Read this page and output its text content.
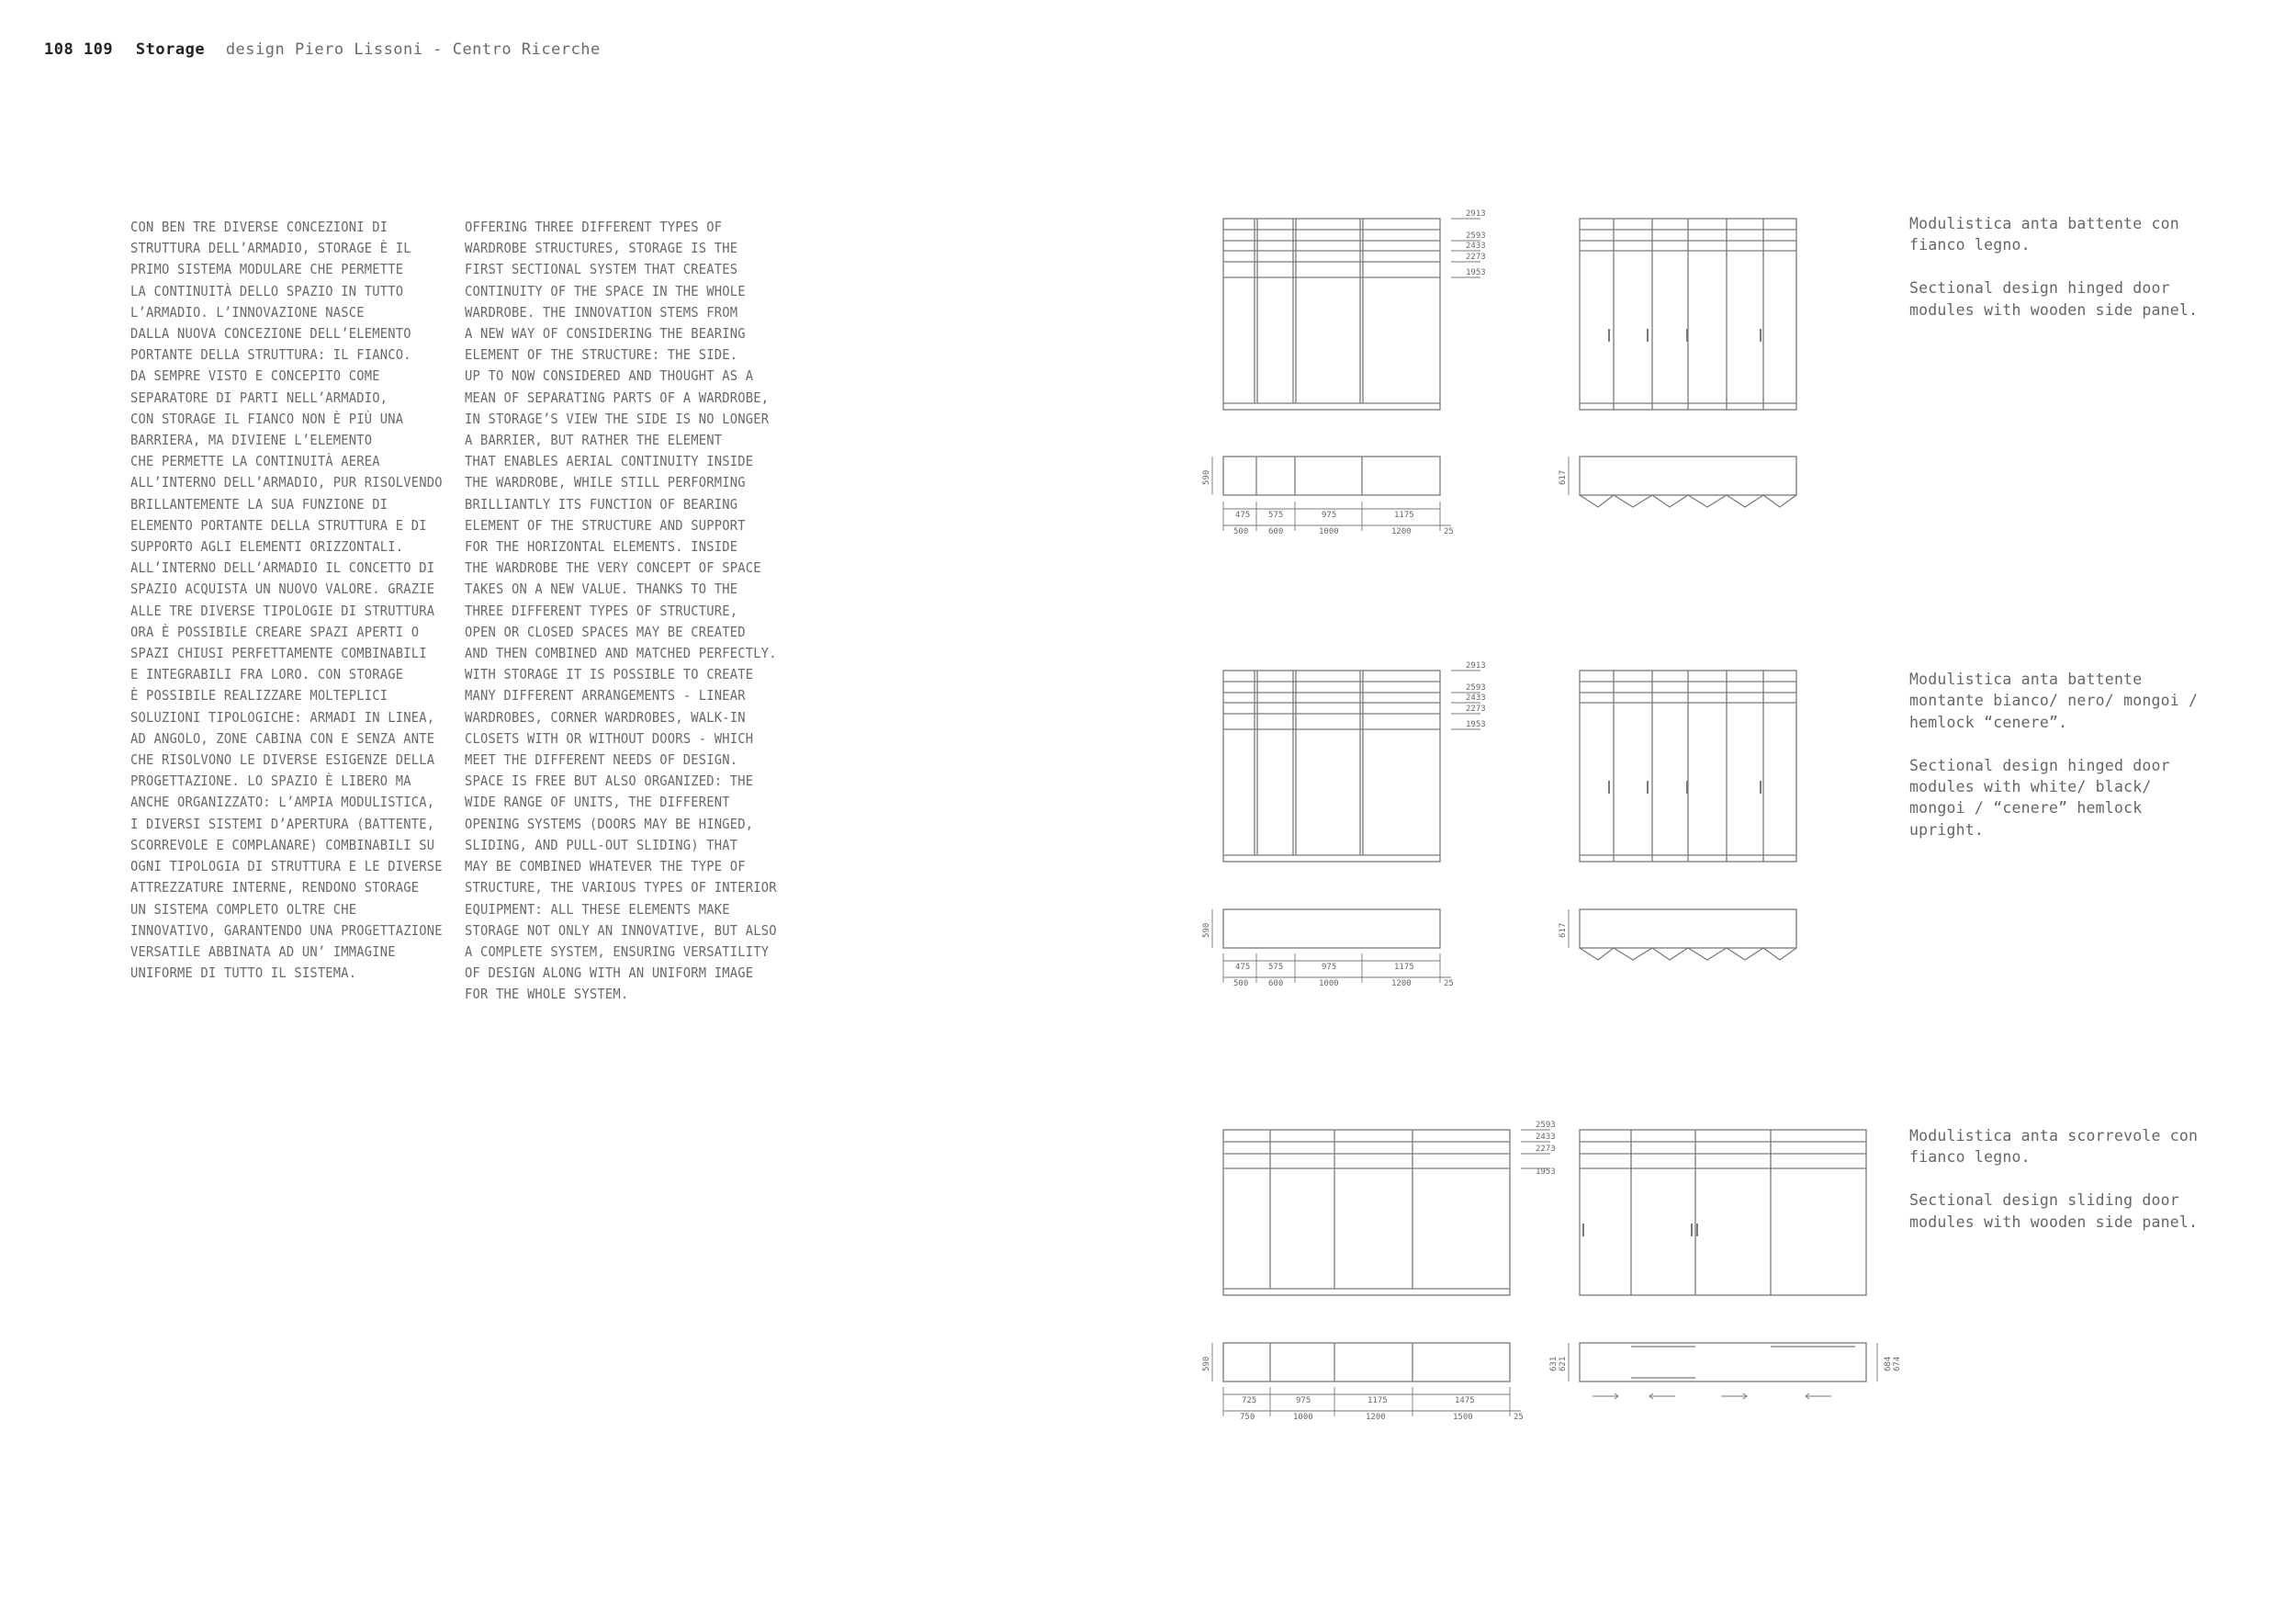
108 109 Storage design Piero Lissoni - Centro Ricerche
CON BEN TRE DIVERSE CONCEZIONI DI
STRUTTURA DELL’ARMADIO, STORAGE È IL
PRIMO SISTEMA MODULARE CHE PERMETTE
LA CONTINUITÀ DELLO SPAZIO IN TUTTO
L’ARMADIO. L’INNOVAZIONE NASCE
DALLA NUOVA CONCEZIONE DELL’ELEMENTO
PORTANTE DELLA STRUTTURA: IL FIANCO.
DA SEMPRE VISTO E CONCEPITO COME
SEPARATORE DI PARTI NELL’ARMADIO,
CON STORAGE IL FIANCO NON È PIÙ UNA
BARRIERA, MA DIVIENE L’ELEMENTO
CHE PERMETTE LA CONTINUITÀ AEREA
ALL’INTERNO DELL’ARMADIO, PUR RISOLVENDO
BRILLANTEMENTE LA SUA FUNZIONE DI
ELEMENTO PORTANTE DELLA STRUTTURA E DI
SUPPORTO AGLI ELEMENTI ORIZZONTALI.
ALL’INTERNO DELL’ARMADIO IL CONCETTO DI
SPAZIO ACQUISTA UN NUOVO VALORE. GRAZIE
ALLE TRE DIVERSE TIPOLOGIE DI STRUTTURA
ORA È POSSIBILE CREARE SPAZI APERTI O
SPAZI CHIUSI PERFETTAMENTE COMBINABILI
E INTEGRABILI FRA LORO. CON STORAGE
È POSSIBILE REALIZZARE MOLTEPLICI
SOLUZIONI TIPOLOGICHE: ARMADI IN LINEA,
AD ANGOLO, ZONE CABINA CON E SENZA ANTE
CHE RISOLVONO LE DIVERSE ESIGENZE DELLA
PROGETTAZIONE. LO SPAZIO È LIBERO MA
ANCHE ORGANIZZATO: L’AMPIA MODULISTICA,
I DIVERSI SISTEMI D’APERTURA (BATTENTE,
SCORREVOLE E COMPLANARE) COMBINABILI SU
OGNI TIPOLOGIA DI STRUTTURA E LE DIVERSE
ATTREZZATURE INTERNE, RENDONO STORAGE
UN SISTEMA COMPLETO OLTRE CHE
INNOVATIVO, GARANTENDO UNA PROGETTAZIONE
VERSATILE ABBINATA AD UN’ IMMAGINE
UNIFORME DI TUTTO IL SISTEMA.
OFFERING THREE DIFFERENT TYPES OF
WARDROBE STRUCTURES, STORAGE IS THE
FIRST SECTIONAL SYSTEM THAT CREATES
CONTINUITY OF THE SPACE IN THE WHOLE
WARDROBE. THE INNOVATION STEMS FROM
A NEW WAY OF CONSIDERING THE BEARING
ELEMENT OF THE STRUCTURE: THE SIDE.
UP TO NOW CONSIDERED AND THOUGHT AS A
MEAN OF SEPARATING PARTS OF A WARDROBE,
IN STORAGE’S VIEW THE SIDE IS NO LONGER
A BARRIER, BUT RATHER THE ELEMENT
THAT ENABLES AERIAL CONTINUITY INSIDE
THE WARDROBE, WHILE STILL PERFORMING
BRILLIANTLY ITS FUNCTION OF BEARING
ELEMENT OF THE STRUCTURE AND SUPPORT
FOR THE HORIZONTAL ELEMENTS. INSIDE
THE WARDROBE THE VERY CONCEPT OF SPACE
TAKES ON A NEW VALUE. THANKS TO THE
THREE DIFFERENT TYPES OF STRUCTURE,
OPEN OR CLOSED SPACES MAY BE CREATED
AND THEN COMBINED AND MATCHED PERFECTLY.
WITH STORAGE IT IS POSSIBLE TO CREATE
MANY DIFFERENT ARRANGEMENTS - LINEAR
WARDROBES, CORNER WARDROBES, WALK-IN
CLOSETS WITH OR WITHOUT DOORS - WHICH
MEET THE DIFFERENT NEEDS OF DESIGN.
SPACE IS FREE BUT ALSO ORGANIZED: THE
WIDE RANGE OF UNITS, THE DIFFERENT
OPENING SYSTEMS (DOORS MAY BE HINGED,
SLIDING, AND PULL-OUT SLIDING) THAT
MAY BE COMBINED WHATEVER THE TYPE OF
STRUCTURE, THE VARIOUS TYPES OF INTERIOR
EQUIPMENT: ALL THESE ELEMENTS MAKE
STORAGE NOT ONLY AN INNOVATIVE, BUT ALSO
A COMPLETE SYSTEM, ENSURING VERSATILITY
OF DESIGN ALONG WITH AN UNIFORM IMAGE
FOR THE WHOLE SYSTEM.
Modulistica anta battente con
fianco legno.

Sectional design hinged door
modules with wooden side panel.
Modulistica anta battente
montante bianco/ nero/ mongoi /
hemlock “cenere”.

Sectional design hinged door
modules with white/ black/
mongoi / “cenere” hemlock
upright.
Modulistica anta scorrevole con
fianco legno.

Sectional design sliding door
modules with wooden side panel.
2913
2593
2433
2273
1953
590	617
475 575	975	1175
500 600	1000	1200	25
2913
2593
2433
2273
1953
590	617
475 575	975	1175
500 600	1000	1200	25
2593
2433
2273
1953
590	631 621	684 674
725	975	1175	1475
750	1000	1200	1500	25
